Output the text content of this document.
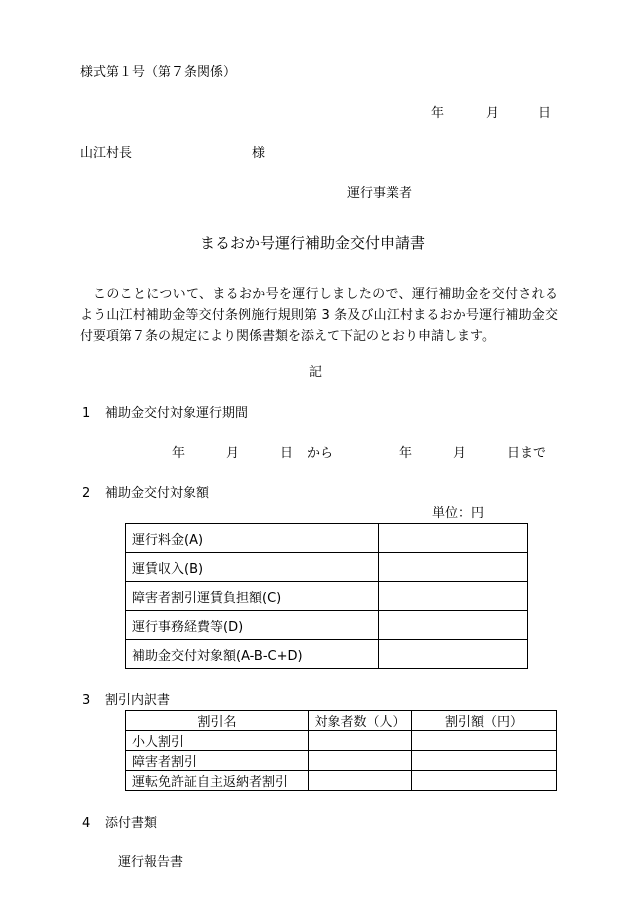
様式第１号（第７条関係）
年	月	日
山江村長	様
運行事業者
まるおか号運行補助金交付申請書
このことについて、まるおか号を運行しましたので、運行補助金を交付されるよう山江村補助金等交付条例施行規則第 3 条及び山江村まるおか号運行補助金交付要項第７条の規定により関係書類を添えて下記のとおり申請します。
記
1 補助金交付対象運行期間
年	月	日 から	年	月	日まで
2 補助金交付対象額
単位：円
運行料金(A)	
運賃収入(B)	
障害者割引運賃負担額(C)	
運行事務経費等(D)	
補助金交付対象額(A-B-C+D)	
3 割引内訳書
割引名	対象者数（人）	割引額（円）
小人割引		
障害者割引		
運転免許証自主返納者割引		
4 添付書類
運行報告書
